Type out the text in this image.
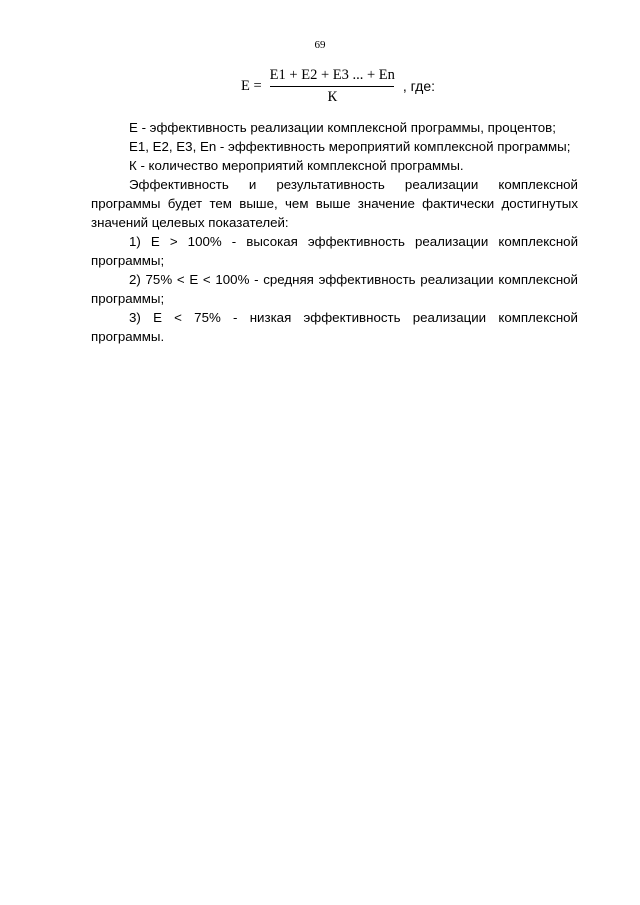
69
$E = \frac{E1 + E2 + E3 ... + En}{К}$ , где:

Е - эффективность реализации комплексной программы, процентов;

Е1, Е2, Е3, Еn - эффективность мероприятий комплексной программы;

К - количество мероприятий комплексной программы.

Эффективность и результативность реализации комплексной программы будет тем выше, чем выше значение фактически достигнутых значений целевых показателей:

1) Е > 100% - высокая эффективность реализации комплексной программы;

2) 75% < Е < 100% - средняя эффективность реализации комплексной программы;

3) Е < 75% - низкая эффективность реализации комплексной программы.
